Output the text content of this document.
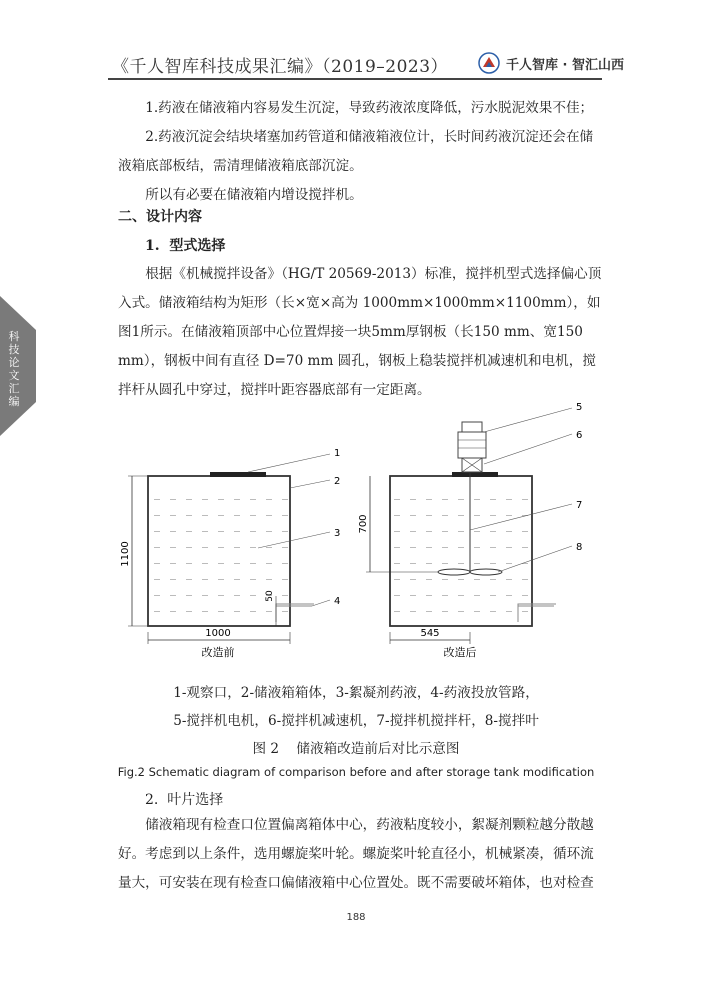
《千人智库科技成果汇编》（2019–2023）	千人智库 · 智汇山西
科技论文汇编

1.药液在储液箱内容易发生沉淀，导致药液浓度降低，污水脱泥效果不佳；

2.药液沉淀会结块堵塞加药管道和储液箱液位计，长时间药液沉淀还会在储液箱底部板结，需清理储液箱底部沉淀。

所以有必要在储液箱内增设搅拌机。

二、设计内容
1.  型式选择

根据《机械搅拌设备》（HG/T 20569-2013）标准，搅拌机型式选择偏心顶入式。储液箱结构为矩形（长×宽×高为 1000mm×1000mm×1100mm），如图1所示。在储液箱顶部中心位置焊接一块5mm厚钢板（长150 mm、宽150 mm），钢板中间有直径 D=70 mm 圆孔，钢板上稳装搅拌机减速机和电机，搅拌杆从圆孔中穿过，搅拌叶距容器底部有一定距离。

1100
50
1000
1
2
3
4
改造前
700
545
5
6
7
8
改造后
1-观察口，2-储液箱箱体，3-絮凝剂药液，4-药液投放管路，
5-搅拌机电机，6-搅拌机减速机，7-搅拌机搅拌杆，8-搅拌叶
图 2    储液箱改造前后对比示意图
Fig.2 Schematic diagram of comparison before and after storage tank modification
2.  叶片选择

储液箱现有检查口位置偏离箱体中心，药液粘度较小，絮凝剂颗粒越分散越好。考虑到以上条件，选用螺旋桨叶轮。螺旋桨叶轮直径小，机械紧凑，循环流量大，可安装在现有检查口偏储液箱中心位置处。既不需要破坏箱体，也对检查

188
